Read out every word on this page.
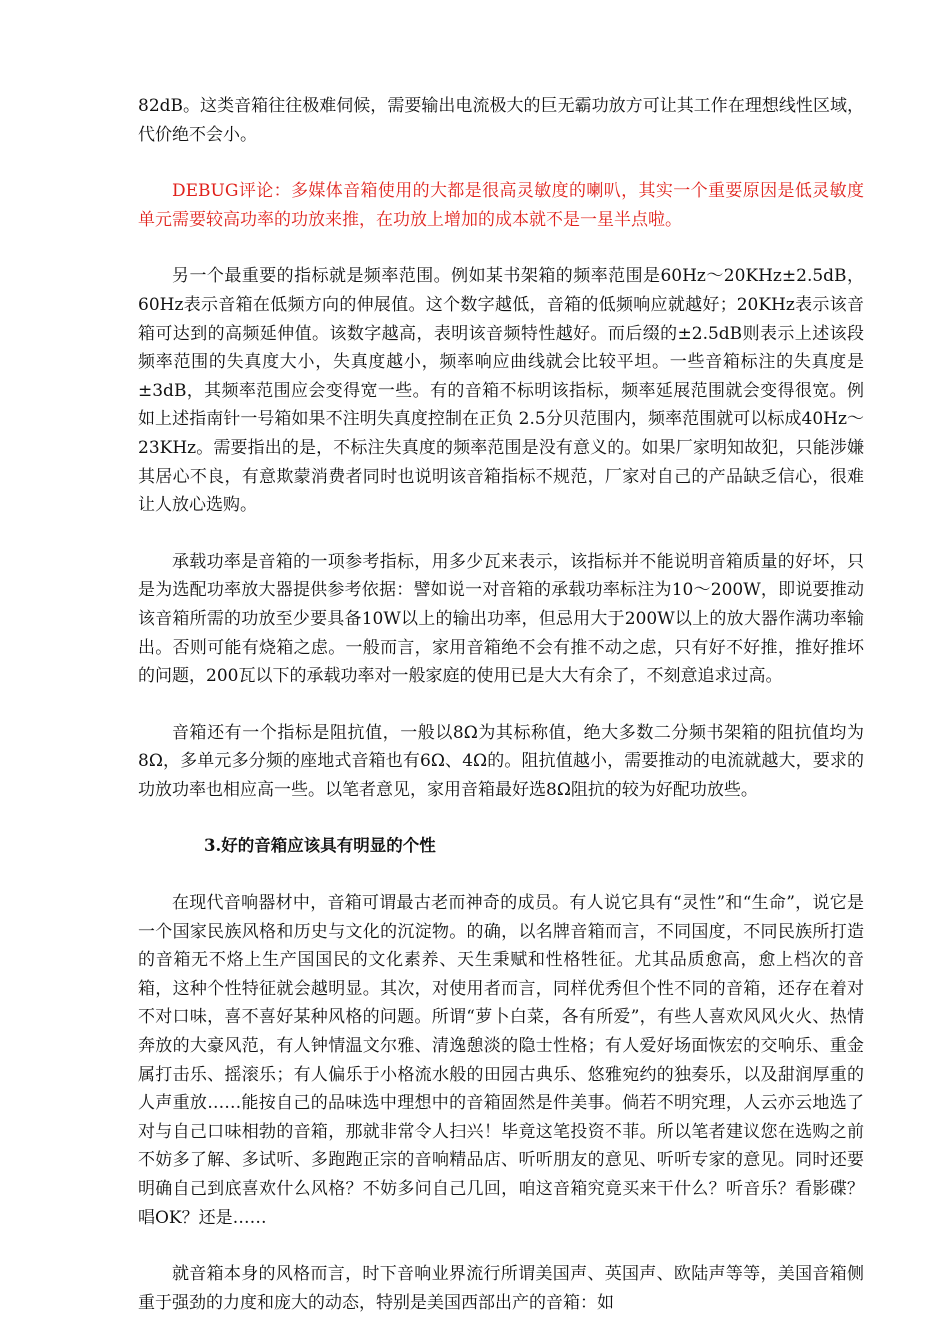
82dB。这类音箱往往极难伺候，需要输出电流极大的巨无霸功放方可让其工作在理想线性区域，代价绝不会小。

DEBUG评论：多媒体音箱使用的大都是很高灵敏度的喇叭，其实一个重要原因是低灵敏度单元需要较高功率的功放来推，在功放上增加的成本就不是一星半点啦。

另一个最重要的指标就是频率范围。例如某书架箱的频率范围是60Hz～20KHz±2.5dB，60Hz表示音箱在低频方向的伸展值。这个数字越低，音箱的低频响应就越好；20KHz表示该音箱可达到的高频延伸值。该数字越高，表明该音频特性越好。而后缀的±2.5dB则表示上述该段频率范围的失真度大小，失真度越小，频率响应曲线就会比较平坦。一些音箱标注的失真度是±3dB，其频率范围应会变得宽一些。有的音箱不标明该指标，频率延展范围就会变得很宽。例如上述指南针一号箱如果不注明失真度控制在正负 2.5分贝范围内，频率范围就可以标成40Hz～23KHz。需要指出的是，不标注失真度的频率范围是没有意义的。如果厂家明知故犯，只能涉嫌其居心不良，有意欺蒙消费者同时也说明该音箱指标不规范，厂家对自己的产品缺乏信心，很难让人放心选购。

承载功率是音箱的一项参考指标，用多少瓦来表示，该指标并不能说明音箱质量的好坏，只是为选配功率放大器提供参考依据：譬如说一对音箱的承载功率标注为10～200W，即说要推动该音箱所需的功放至少要具备10W以上的输出功率，但忌用大于200W以上的放大器作满功率输出。否则可能有烧箱之虑。一般而言，家用音箱绝不会有推不动之虑，只有好不好推，推好推坏的问题，200瓦以下的承载功率对一般家庭的使用已是大大有余了，不刻意追求过高。

音箱还有一个指标是阻抗值，一般以8Ω为其标称值，绝大多数二分频书架箱的阻抗值均为8Ω，多单元多分频的座地式音箱也有6Ω、4Ω的。阻抗值越小，需要推动的电流就越大，要求的功放功率也相应高一些。以笔者意见，家用音箱最好选8Ω阻抗的较为好配功放些。

3.好的音箱应该具有明显的个性

在现代音响器材中，音箱可谓最古老而神奇的成员。有人说它具有“灵性”和“生命”，说它是一个国家民族风格和历史与文化的沉淀物。的确，以名牌音箱而言，不同国度，不同民族所打造的音箱无不烙上生产国国民的文化素养、天生秉赋和性格牲征。尤其品质愈高，愈上档次的音箱，这种个性特征就会越明显。其次，对使用者而言，同样优秀但个性不同的音箱，还存在着对不对口味，喜不喜好某种风格的问题。所谓“萝卜白菜，各有所爱”，有些人喜欢风风火火、热情奔放的大豪风范，有人钟情温文尔雅、清逸憩淡的隐士性格；有人爱好场面恢宏的交响乐、重金属打击乐、摇滚乐；有人偏乐于小格流水般的田园古典乐、悠雅宛约的独奏乐，以及甜润厚重的人声重放……能按自己的品味选中理想中的音箱固然是件美事。倘若不明究理，人云亦云地选了对与自己口味相勃的音箱，那就非常令人扫兴！毕竟这笔投资不菲。所以笔者建议您在选购之前不妨多了解、多试听、多跑跑正宗的音响精品店、听听朋友的意见、听听专家的意见。同时还要明确自己到底喜欢什么风格？不妨多问自己几回，咱这音箱究竟买来干什么？听音乐？看影碟？唱OK？还是……

就音箱本身的风格而言，时下音响业界流行所谓美国声、英国声、欧陆声等等，美国音箱侧重于强劲的力度和庞大的动态，特别是美国西部出产的音箱：如
